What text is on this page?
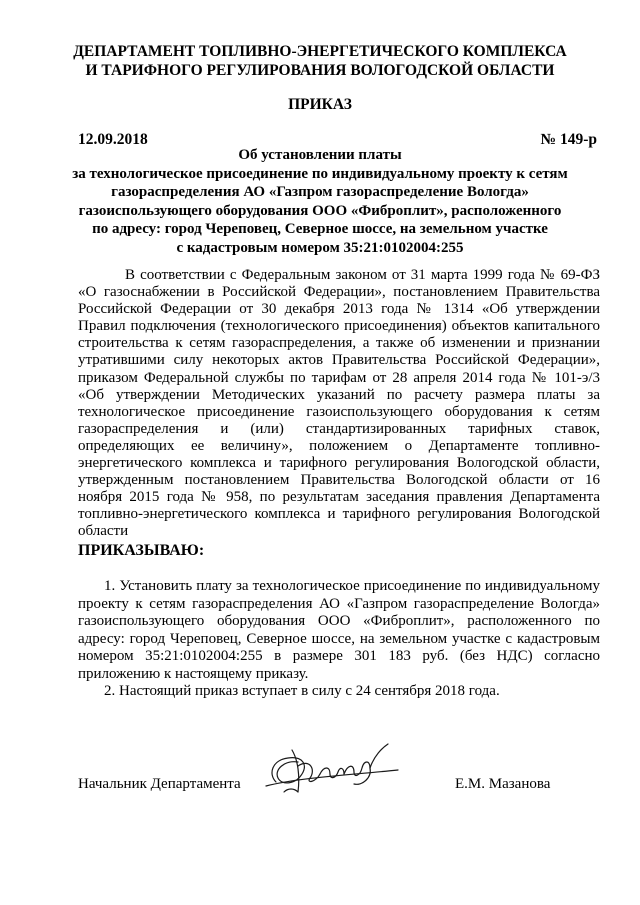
ДЕПАРТАМЕНТ ТОПЛИВНО-ЭНЕРГЕТИЧЕСКОГО КОМПЛЕКСА
И ТАРИФНОГО РЕГУЛИРОВАНИЯ ВОЛОГОДСКОЙ ОБЛАСТИ
ПРИКАЗ
12.09.2018	№ 149-р
Об установлении платы
за технологическое присоединение по индивидуальному проекту к сетям
газораспределения АО «Газпром газораспределение Вологда»
газоиспользующего оборудования ООО «Фиброплит», расположенного
по адресу: город Череповец, Северное шоссе, на земельном участке
с кадастровым номером 35:21:0102004:255

В соответствии с Федеральным законом от 31 марта 1999 года № 69-ФЗ «О газоснабжении в Российской Федерации», постановлением Правительства Российской Федерации от 30 декабря 2013 года № 1314 «Об утверждении Правил подключения (технологического присоединения) объектов капитального строительства к сетям газораспределения, а также об изменении и признании утратившими силу некоторых актов Правительства Российской Федерации», приказом Федеральной службы по тарифам от 28 апреля 2014 года № 101-э/3 «Об утверждении Методических указаний по расчету размера платы за технологическое присоединение газоиспользующего оборудования к сетям газораспределения и (или) стандартизированных тарифных ставок, определяющих ее величину», положением о Департаменте топливно-энергетического комплекса и тарифного регулирования Вологодской области, утвержденным постановлением Правительства Вологодской области от 16 ноября 2015 года № 958, по результатам заседания правления Департамента топливно-энергетического комплекса и тарифного регулирования Вологодской области

ПРИКАЗЫВАЮ:

1. Установить плату за технологическое присоединение по индивидуальному проекту к сетям газораспределения АО «Газпром газораспределение Вологда» газоиспользующего оборудования ООО «Фиброплит», расположенного по адресу: город Череповец, Северное шоссе, на земельном участке с кадастровым номером 35:21:0102004:255 в размере 301 183 руб. (без НДС) согласно приложению к настоящему приказу.

2. Настоящий приказ вступает в силу с 24 сентября 2018 года.

Начальник Департамента	Е.М. Мазанова
